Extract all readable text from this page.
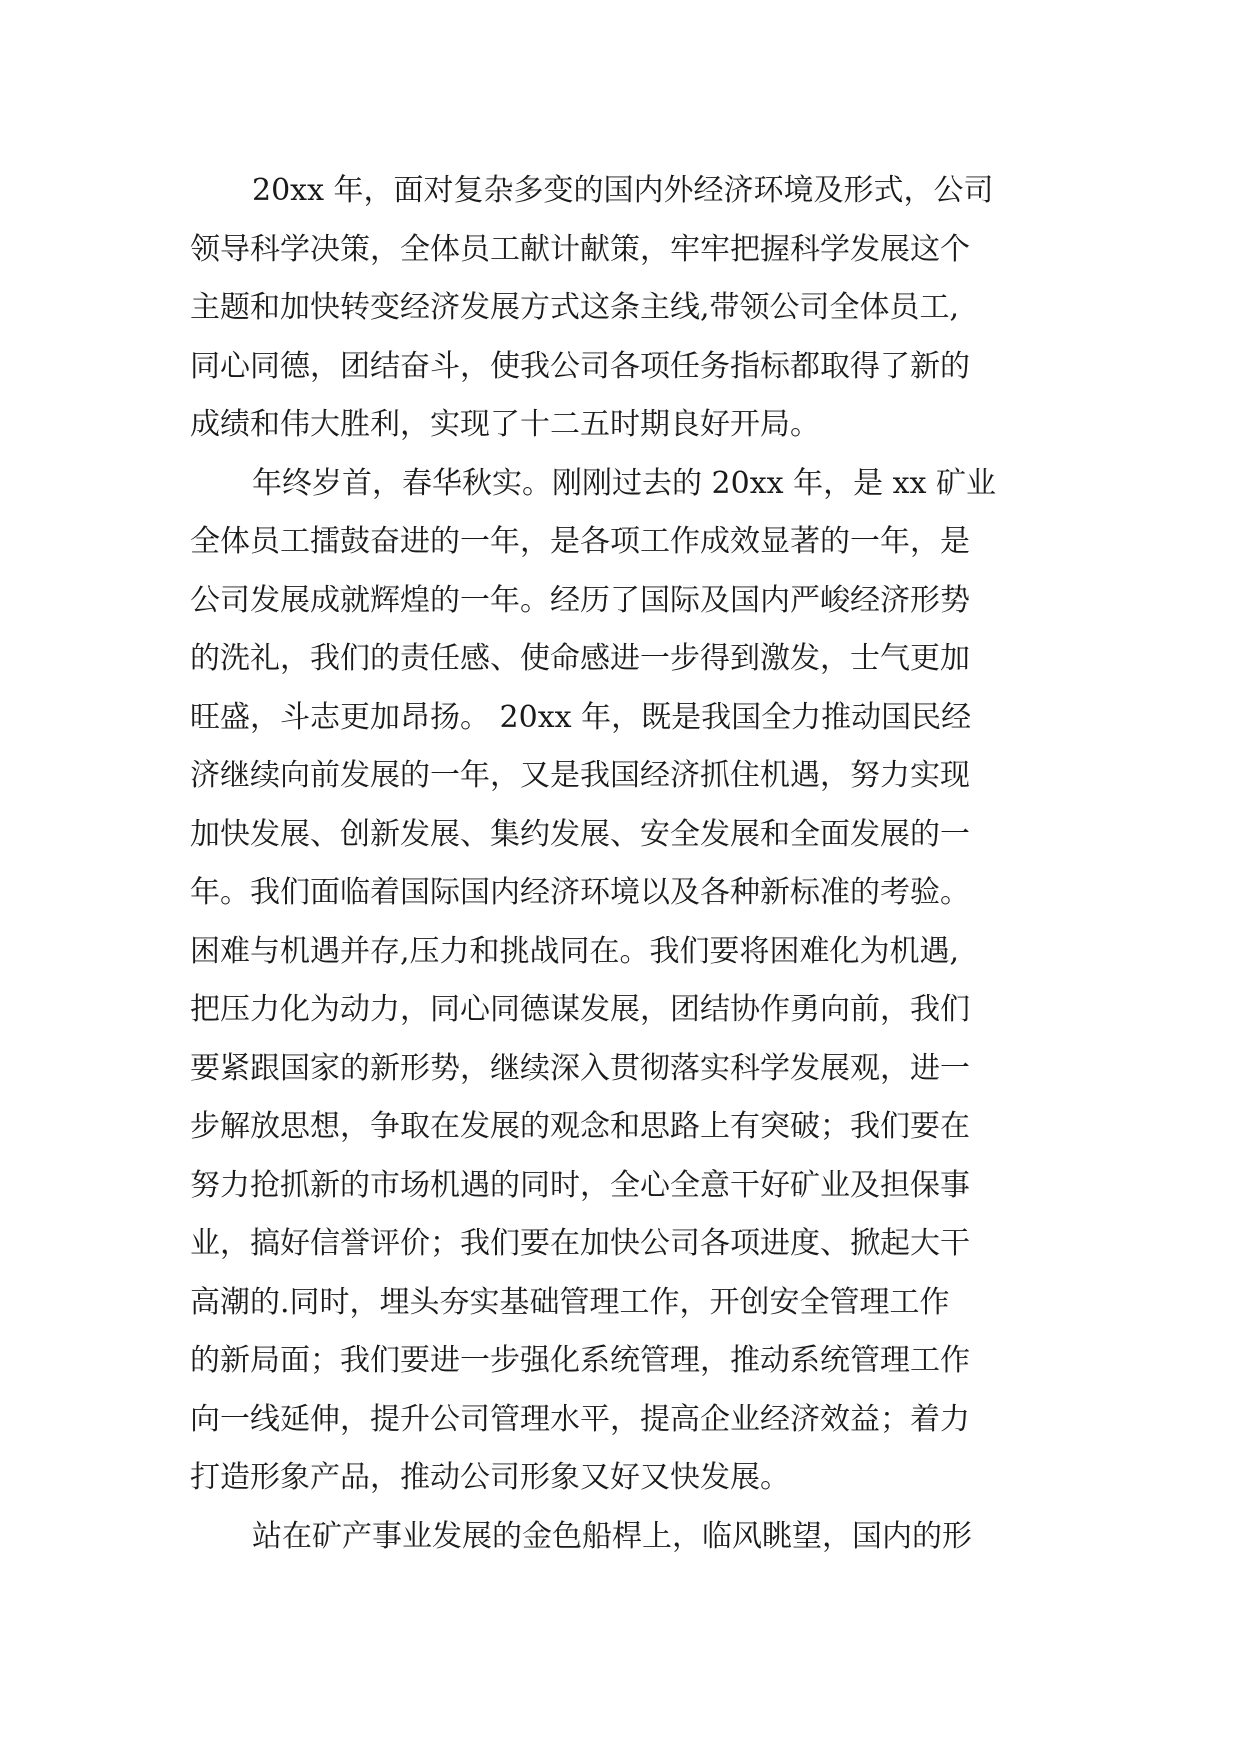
20xx 年，面对复杂多变的国内外经济环境及形式，公司
领导科学决策，全体员工献计献策，牢牢把握科学发展这个
主题和加快转变经济发展方式这条主线,带领公司全体员工,
同心同德，团结奋斗，使我公司各项任务指标都取得了新的
成绩和伟大胜利，实现了十二五时期良好开局。
年终岁首，春华秋实。刚刚过去的 20xx 年，是 xx 矿业
全体员工擂鼓奋进的一年，是各项工作成效显著的一年，是
公司发展成就辉煌的一年。经历了国际及国内严峻经济形势
的洗礼，我们的责任感、使命感进一步得到激发，士气更加
旺盛，斗志更加昂扬。 20xx 年，既是我国全力推动国民经
济继续向前发展的一年，又是我国经济抓住机遇，努力实现
加快发展、创新发展、集约发展、安全发展和全面发展的一
年。我们面临着国际国内经济环境以及各种新标准的考验。
困难与机遇并存,压力和挑战同在。我们要将困难化为机遇,
把压力化为动力，同心同德谋发展，团结协作勇向前，我们
要紧跟国家的新形势，继续深入贯彻落实科学发展观，进一
步解放思想，争取在发展的观念和思路上有突破；我们要在
努力抢抓新的市场机遇的同时，全心全意干好矿业及担保事
业，搞好信誉评价；我们要在加快公司各项进度、掀起大干
高潮的.同时，埋头夯实基础管理工作，开创安全管理工作
的新局面；我们要进一步强化系统管理，推动系统管理工作
向一线延伸，提升公司管理水平，提高企业经济效益；着力
打造形象产品，推动公司形象又好又快发展。
站在矿产事业发展的金色船桿上，临风眺望，国内的形
